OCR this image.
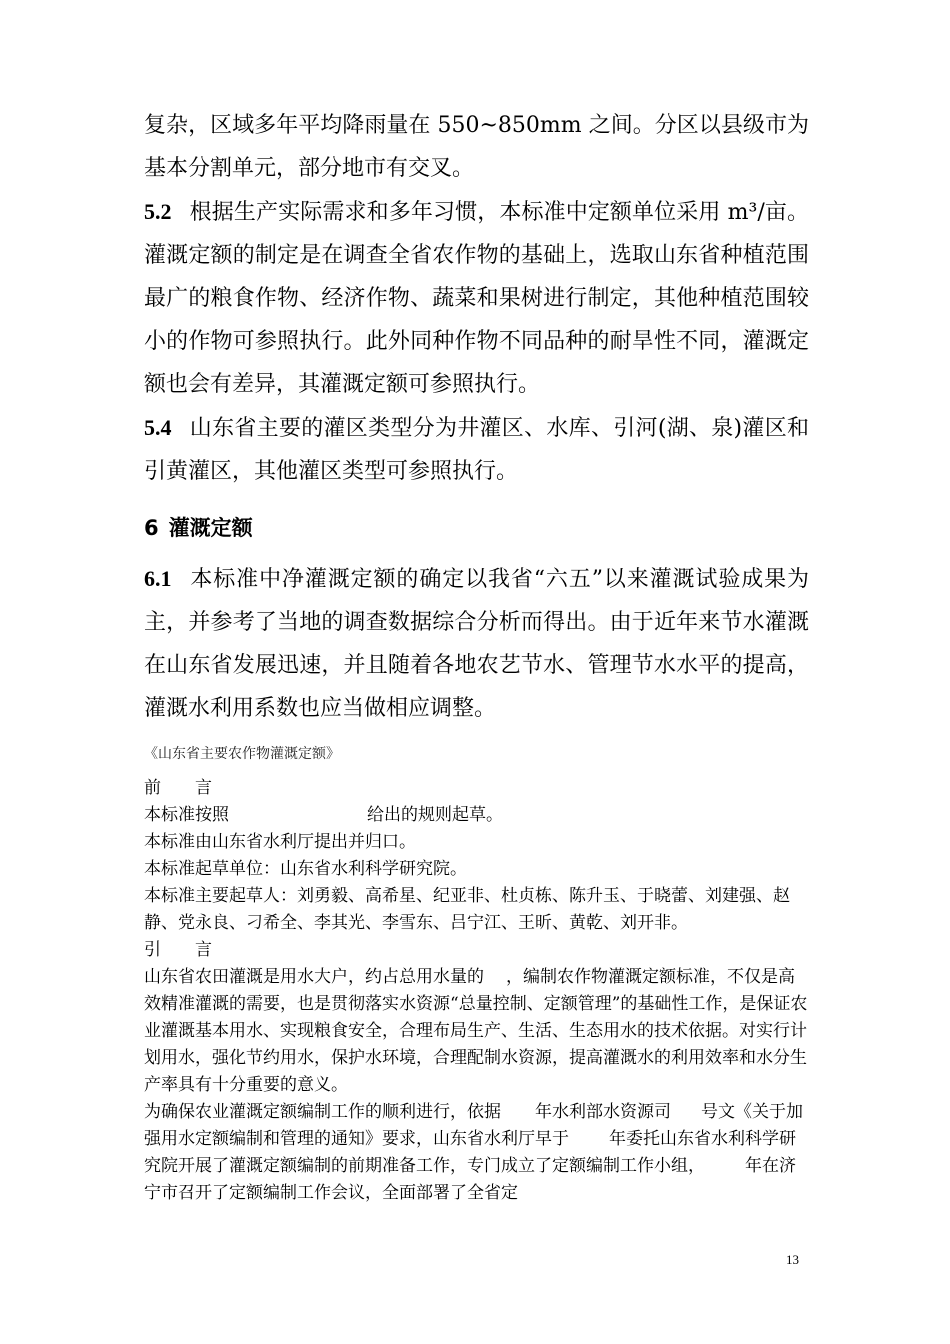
复杂，区域多年平均降雨量在 550~850mm 之间。分区以县级市为基本分割单元，部分地市有交叉。
5.2 根据生产实际需求和多年习惯，本标准中定额单位采用 m³/亩。灌溉定额的制定是在调查全省农作物的基础上，选取山东省种植范围最广的粮食作物、经济作物、蔬菜和果树进行制定，其他种植范围较小的作物可参照执行。此外同种作物不同品种的耐旱性不同，灌溉定额也会有差异，其灌溉定额可参照执行。
5.4 山东省主要的灌区类型分为井灌区、水库、引河(湖、泉)灌区和引黄灌区，其他灌区类型可参照执行。
6 灌溉定额
6.1 本标准中净灌溉定额的确定以我省“六五”以来灌溉试验成果为主，并参考了当地的调查数据综合分析而得出。由于近年来节水灌溉在山东省发展迅速，并且随着各地农艺节水、管理节水水平的提高，灌溉水利用系数也应当做相应调整。
《山东省主要农作物灌溉定额》
前　　言
本标准按照	给出的规则起草。
本标准由山东省水利厅提出并归口。
本标准起草单位：山东省水利科学研究院。
本标准主要起草人：刘勇毅、高希星、纪亚非、杜贞栋、陈升玉、于晓蕾、刘建强、赵静、党永良、刁希全、李其光、李雪东、吕宁江、王昕、黄乾、刘开非。
引　　言
山东省农田灌溉是用水大户，约占总用水量的 ，编制农作物灌溉定额标准，不仅是高效精准灌溉的需要，也是贯彻落实水资源“总量控制、定额管理”的基础性工作，是保证农业灌溉基本用水、实现粮食安全，合理布局生产、生活、生态用水的技术依据。对实行计划用水，强化节约用水，保护水环境，合理配制水资源，提高灌溉水的利用效率和水分生产率具有十分重要的意义。
为确保农业灌溉定额编制工作的顺利进行，依据 年水利部水资源司 号文《关于加强用水定额编制和管理的通知》要求，山东省水利厅早于 年委托山东省水利科学研究院开展了灌溉定额编制的前期准备工作，专门成立了定额编制工作小组， 年在济宁市召开了定额编制工作会议，全面部署了全省定
13
